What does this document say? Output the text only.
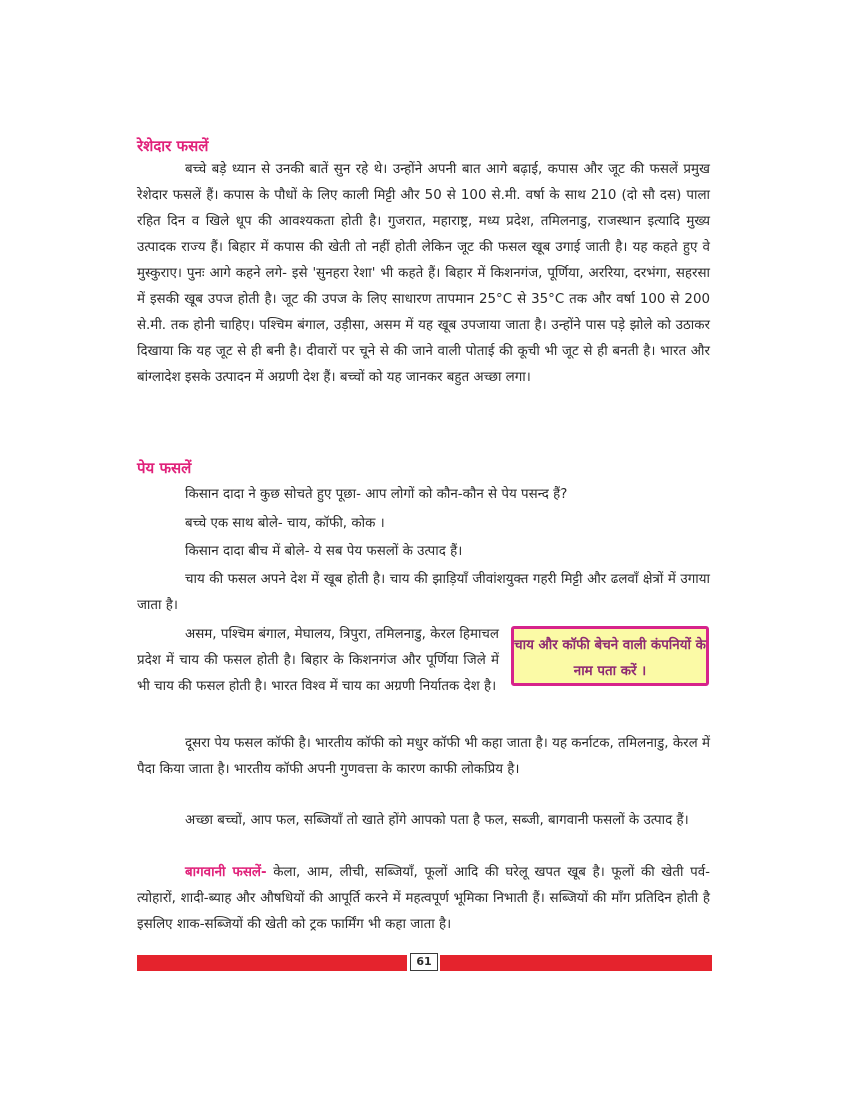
रेशेदार फसलें

बच्चे बड़े ध्यान से उनकी बातें सुन रहे थे। उन्होंने अपनी बात आगे बढ़ाई, कपास और जूट की फसलें प्रमुख रेशेदार फसलें हैं। कपास के पौधों के लिए काली मिट्टी और 50 से 100 से.मी. वर्षा के साथ 210 (दो सौ दस) पाला रहित दिन व खिले धूप की आवश्यकता होती है। गुजरात, महाराष्ट्र, मध्य प्रदेश, तमिलनाडु, राजस्थान इत्यादि मुख्य उत्पादक राज्य हैं। बिहार में कपास की खेती तो नहीं होती लेकिन जूट की फसल खूब उगाई जाती है। यह कहते हुए वे मुस्कुराए। पुनः आगे कहने लगे- इसे 'सुनहरा रेशा' भी कहते हैं। बिहार में किशनगंज, पूर्णिया, अररिया, दरभंगा, सहरसा में इसकी खूब उपज होती है। जूट की उपज के लिए साधारण तापमान 25°C से 35°C तक और वर्षा 100 से 200 से.मी. तक होनी चाहिए। पश्चिम बंगाल, उड़ीसा, असम में यह खूब उपजाया जाता है। उन्होंने पास पड़े झोले को उठाकर दिखाया कि यह जूट से ही बनी है। दीवारों पर चूने से की जाने वाली पोताई की कूची भी जूट से ही बनती है। भारत और बांग्लादेश इसके उत्पादन में अग्रणी देश हैं। बच्चों को यह जानकर बहुत अच्छा लगा।

पेय फसलें

किसान दादा ने कुछ सोचते हुए पूछा- आप लोगों को कौन-कौन से पेय पसन्द हैं?

बच्चे एक साथ बोले- चाय, कॉफी, कोक ।

किसान दादा बीच में बोले- ये सब पेय फसलों के उत्पाद हैं।

चाय की फसल अपने देश में खूब होती है। चाय की झाड़ियाँ जीवांशयुक्त गहरी मिट्टी और ढलवाँ क्षेत्रों में उगाया जाता है।

असम, पश्चिम बंगाल, मेघालय, त्रिपुरा, तमिलनाडु, केरल हिमाचल प्रदेश में चाय की फसल होती है। बिहार के किशनगंज और पूर्णिया जिले में भी चाय की फसल होती है। भारत विश्व में चाय का अग्रणी निर्यातक देश है।

चाय और कॉफी बेचने वाली कंपनियों के नाम पता करें ।

दूसरा पेय फसल कॉफी है। भारतीय कॉफी को मधुर कॉफी भी कहा जाता है। यह कर्नाटक, तमिलनाडु, केरल में पैदा किया जाता है। भारतीय कॉफी अपनी गुणवत्ता के कारण काफी लोकप्रिय है।

अच्छा बच्चों, आप फल, सब्जियाँ तो खाते होंगे आपको पता है फल, सब्जी, बागवानी फसलों के उत्पाद हैं।

बागवानी फसलें- केला, आम, लीची, सब्जियाँ, फूलों आदि की घरेलू खपत खूब है। फूलों की खेती पर्व-त्योहारों, शादी-ब्याह और औषधियों की आपूर्ति करने में महत्वपूर्ण भूमिका निभाती हैं। सब्जियों की माँग प्रतिदिन होती है इसलिए शाक-सब्जियों की खेती को ट्रक फार्मिंग भी कहा जाता है।

61
